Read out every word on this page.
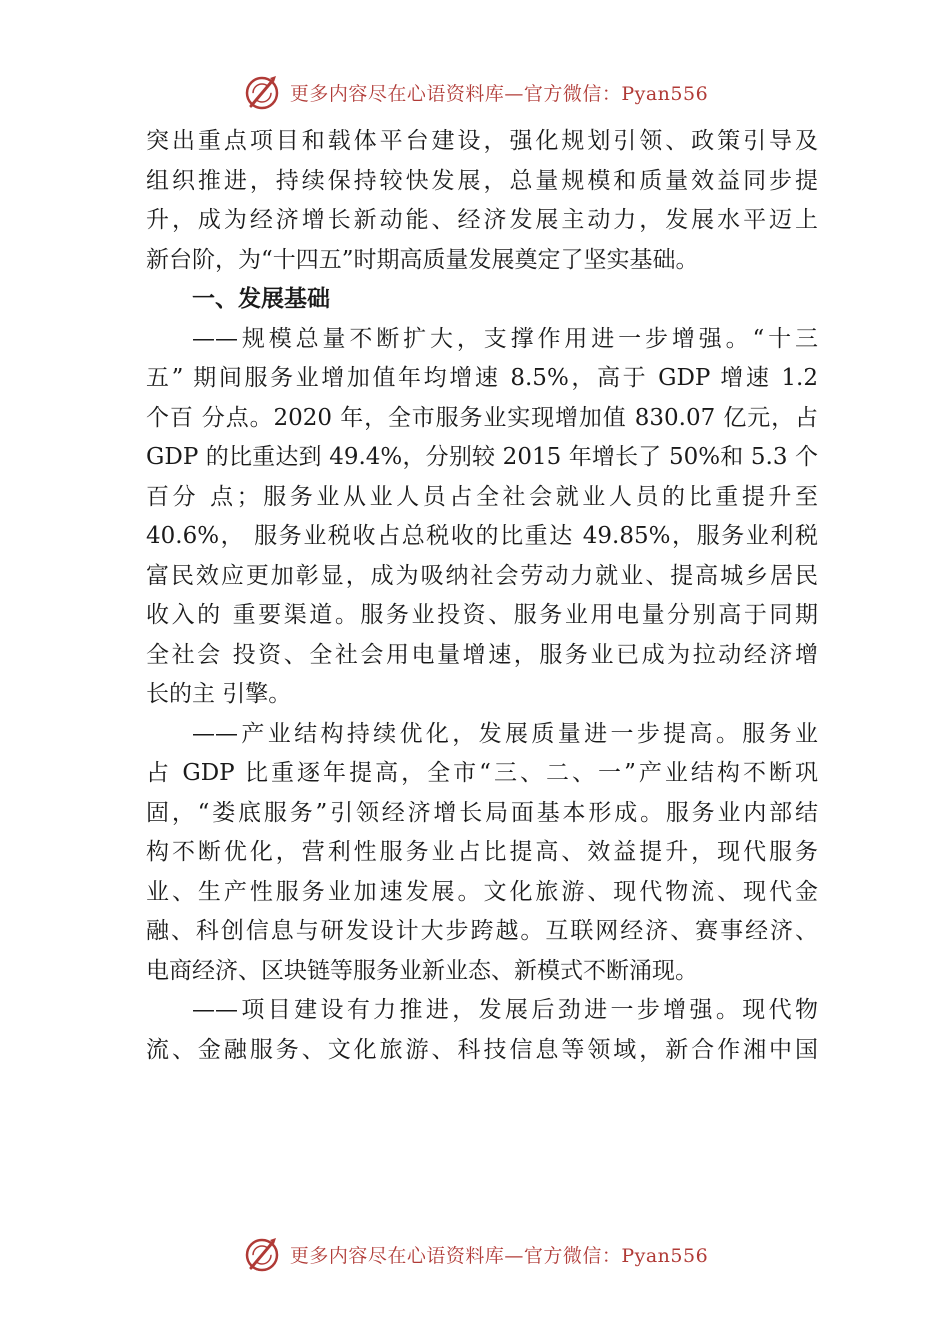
更多内容尽在心语资料库—官方微信：Pyan556
突出重点项目和载体平台建设，强化规划引领、政策引导及
组织推进，持续保持较快发展，总量规模和质量效益同步提
升，成为经济增长新动能、经济发展主动力，发展水平迈上
新台阶，为“十四五”时期高质量发展奠定了坚实基础。
一、发展基础
——规模总量不断扩大，支撑作用进一步增强。“十三
五” 期间服务业增加值年均增速 8.5%，高于 GDP 增速 1.2
个百 分点。2020 年，全市服务业实现增加值 830.07 亿元，占
GDP 的比重达到 49.4%，分别较 2015 年增长了 50%和 5.3 个
百分 点；服务业从业人员占全社会就业人员的比重提升至
40.6%， 服务业税收占总税收的比重达 49.85%，服务业利税
富民效应更加彰显，成为吸纳社会劳动力就业、提高城乡居民
收入的 重要渠道。服务业投资、服务业用电量分别高于同期
全社会 投资、全社会用电量增速，服务业已成为拉动经济增
长的主 引擎。
——产业结构持续优化，发展质量进一步提高。服务业
占 GDP 比重逐年提高，全市“三、二、一”产业结构不断巩
固，“娄底服务”引领经济增长局面基本形成。服务业内部结
构不断优化，营利性服务业占比提高、效益提升，现代服务
业、生产性服务业加速发展。文化旅游、现代物流、现代金
融、科创信息与研发设计大步跨越。互联网经济、赛事经济、
电商经济、区块链等服务业新业态、新模式不断涌现。
——项目建设有力推进，发展后劲进一步增强。现代物
流、金融服务、文化旅游、科技信息等领域，新合作湘中国
更多内容尽在心语资料库—官方微信：Pyan556
